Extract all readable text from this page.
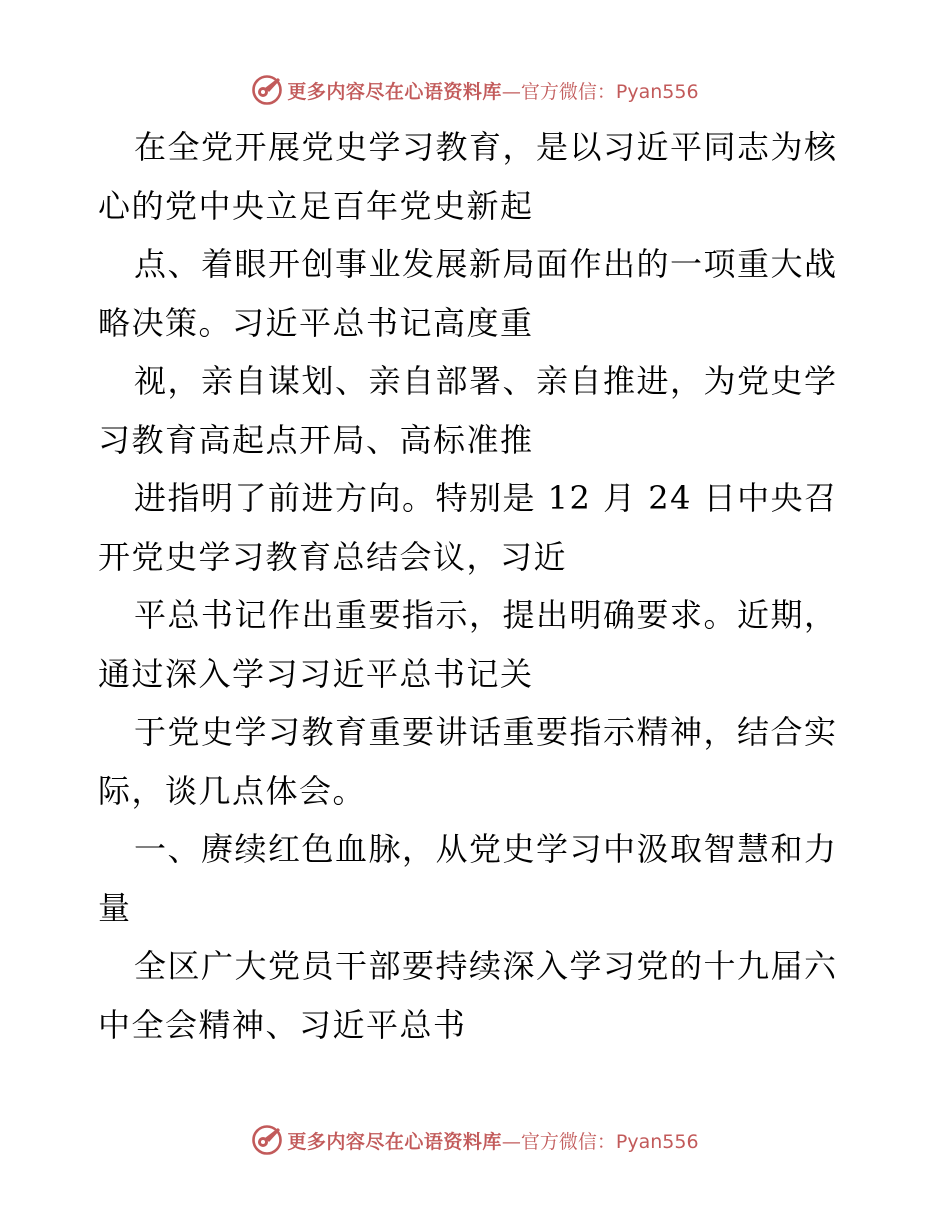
更多内容尽在心语资料库 — 官方微信：Pyan556

在全党开展党史学习教育，是以习近平同志为核
心的党中央立足百年党史新起

点、着眼开创事业发展新局面作出的一项重大战
略决策。习近平总书记高度重

视，亲自谋划、亲自部署、亲自推进，为党史学
习教育高起点开局、高标准推

进指明了前进方向。特别是 12 月 24 日中央召
开党史学习教育总结会议，习近

平总书记作出重要指示，提出明确要求。近期，
通过深入学习习近平总书记关

于党史学习教育重要讲话重要指示精神，结合实
际，谈几点体会。

一、赓续红色血脉，从党史学习中汲取智慧和力
量

全区广大党员干部要持续深入学习党的十九届六
中全会精神、习近平总书

更多内容尽在心语资料库 — 官方微信：Pyan556
